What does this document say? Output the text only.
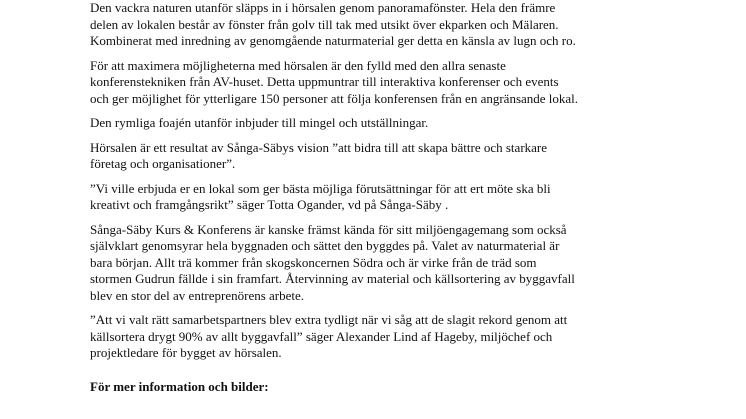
Den vackra naturen utanför släpps in i hörsalen genom panoramafönster. Hela den främre
delen av lokalen består av fönster från golv till tak med utsikt över ekparken och Mälaren.
Kombinerat med inredning av genomgående naturmaterial ger detta en känsla av lugn och ro.

För att maximera möjligheterna med hörsalen är den fylld med den allra senaste
konferenstekniken från AV-huset. Detta uppmuntrar till interaktiva konferenser och events
och ger möjlighet för ytterligare 150 personer att följa konferensen från en angränsande lokal.

Den rymliga foajén utanför inbjuder till mingel och utställningar.

Hörsalen är ett resultat av Sånga-Säbys vision ”att bidra till att skapa bättre och starkare
företag och organisationer”.

”Vi ville erbjuda er en lokal som ger bästa möjliga förutsättningar för att ert möte ska bli
kreativt och framgångsrikt” säger Totta Ogander, vd på Sånga-Säby .

Sånga-Säby Kurs & Konferens är kanske främst kända för sitt miljöengagemang som också
självklart genomsyrar hela byggnaden och sättet den byggdes på. Valet av naturmaterial är
bara början. Allt trä kommer från skogskoncernen Södra och är virke från de träd som
stormen Gudrun fällde i sin framfart. Återvinning av material och källsortering av byggavfall
blev en stor del av entreprenörens arbete.

”Att vi valt rätt samarbetspartners blev extra tydligt när vi såg att de slagit rekord genom att
källsortera drygt 90% av allt byggavfall” säger Alexander Lind af Hageby, miljöchef och
projektledare för bygget av hörsalen.

För mer information och bilder:
